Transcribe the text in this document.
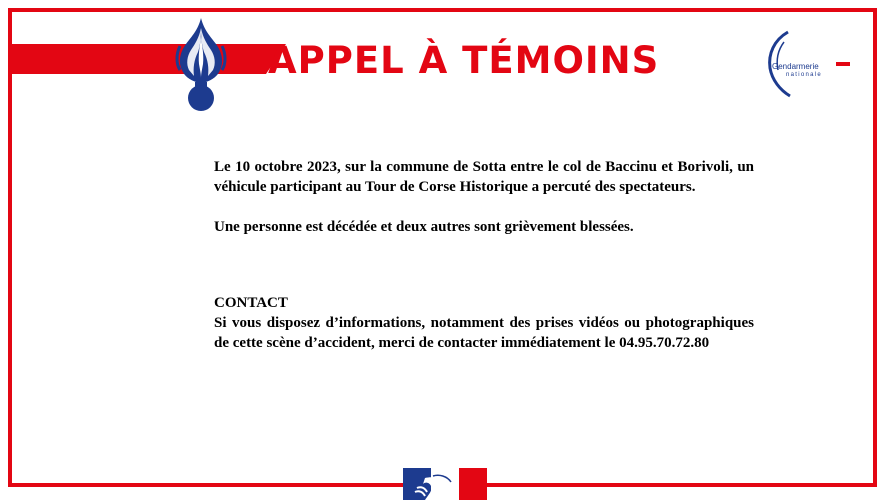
APPEL À TÉMOINS	Gendarmerie
nationale

Le 10 octobre 2023, sur la commune de Sotta entre le col de Baccinu et Borivoli, un véhicule participant au Tour de Corse Historique a percuté des spectateurs.

Une personne est décédée et deux autres sont grièvement blessées.

CONTACT

Si vous disposez d’informations, notamment des prises vidéos ou photographiques de cette scène d’accident, merci de contacter immédiatement le 04.95.70.72.80
